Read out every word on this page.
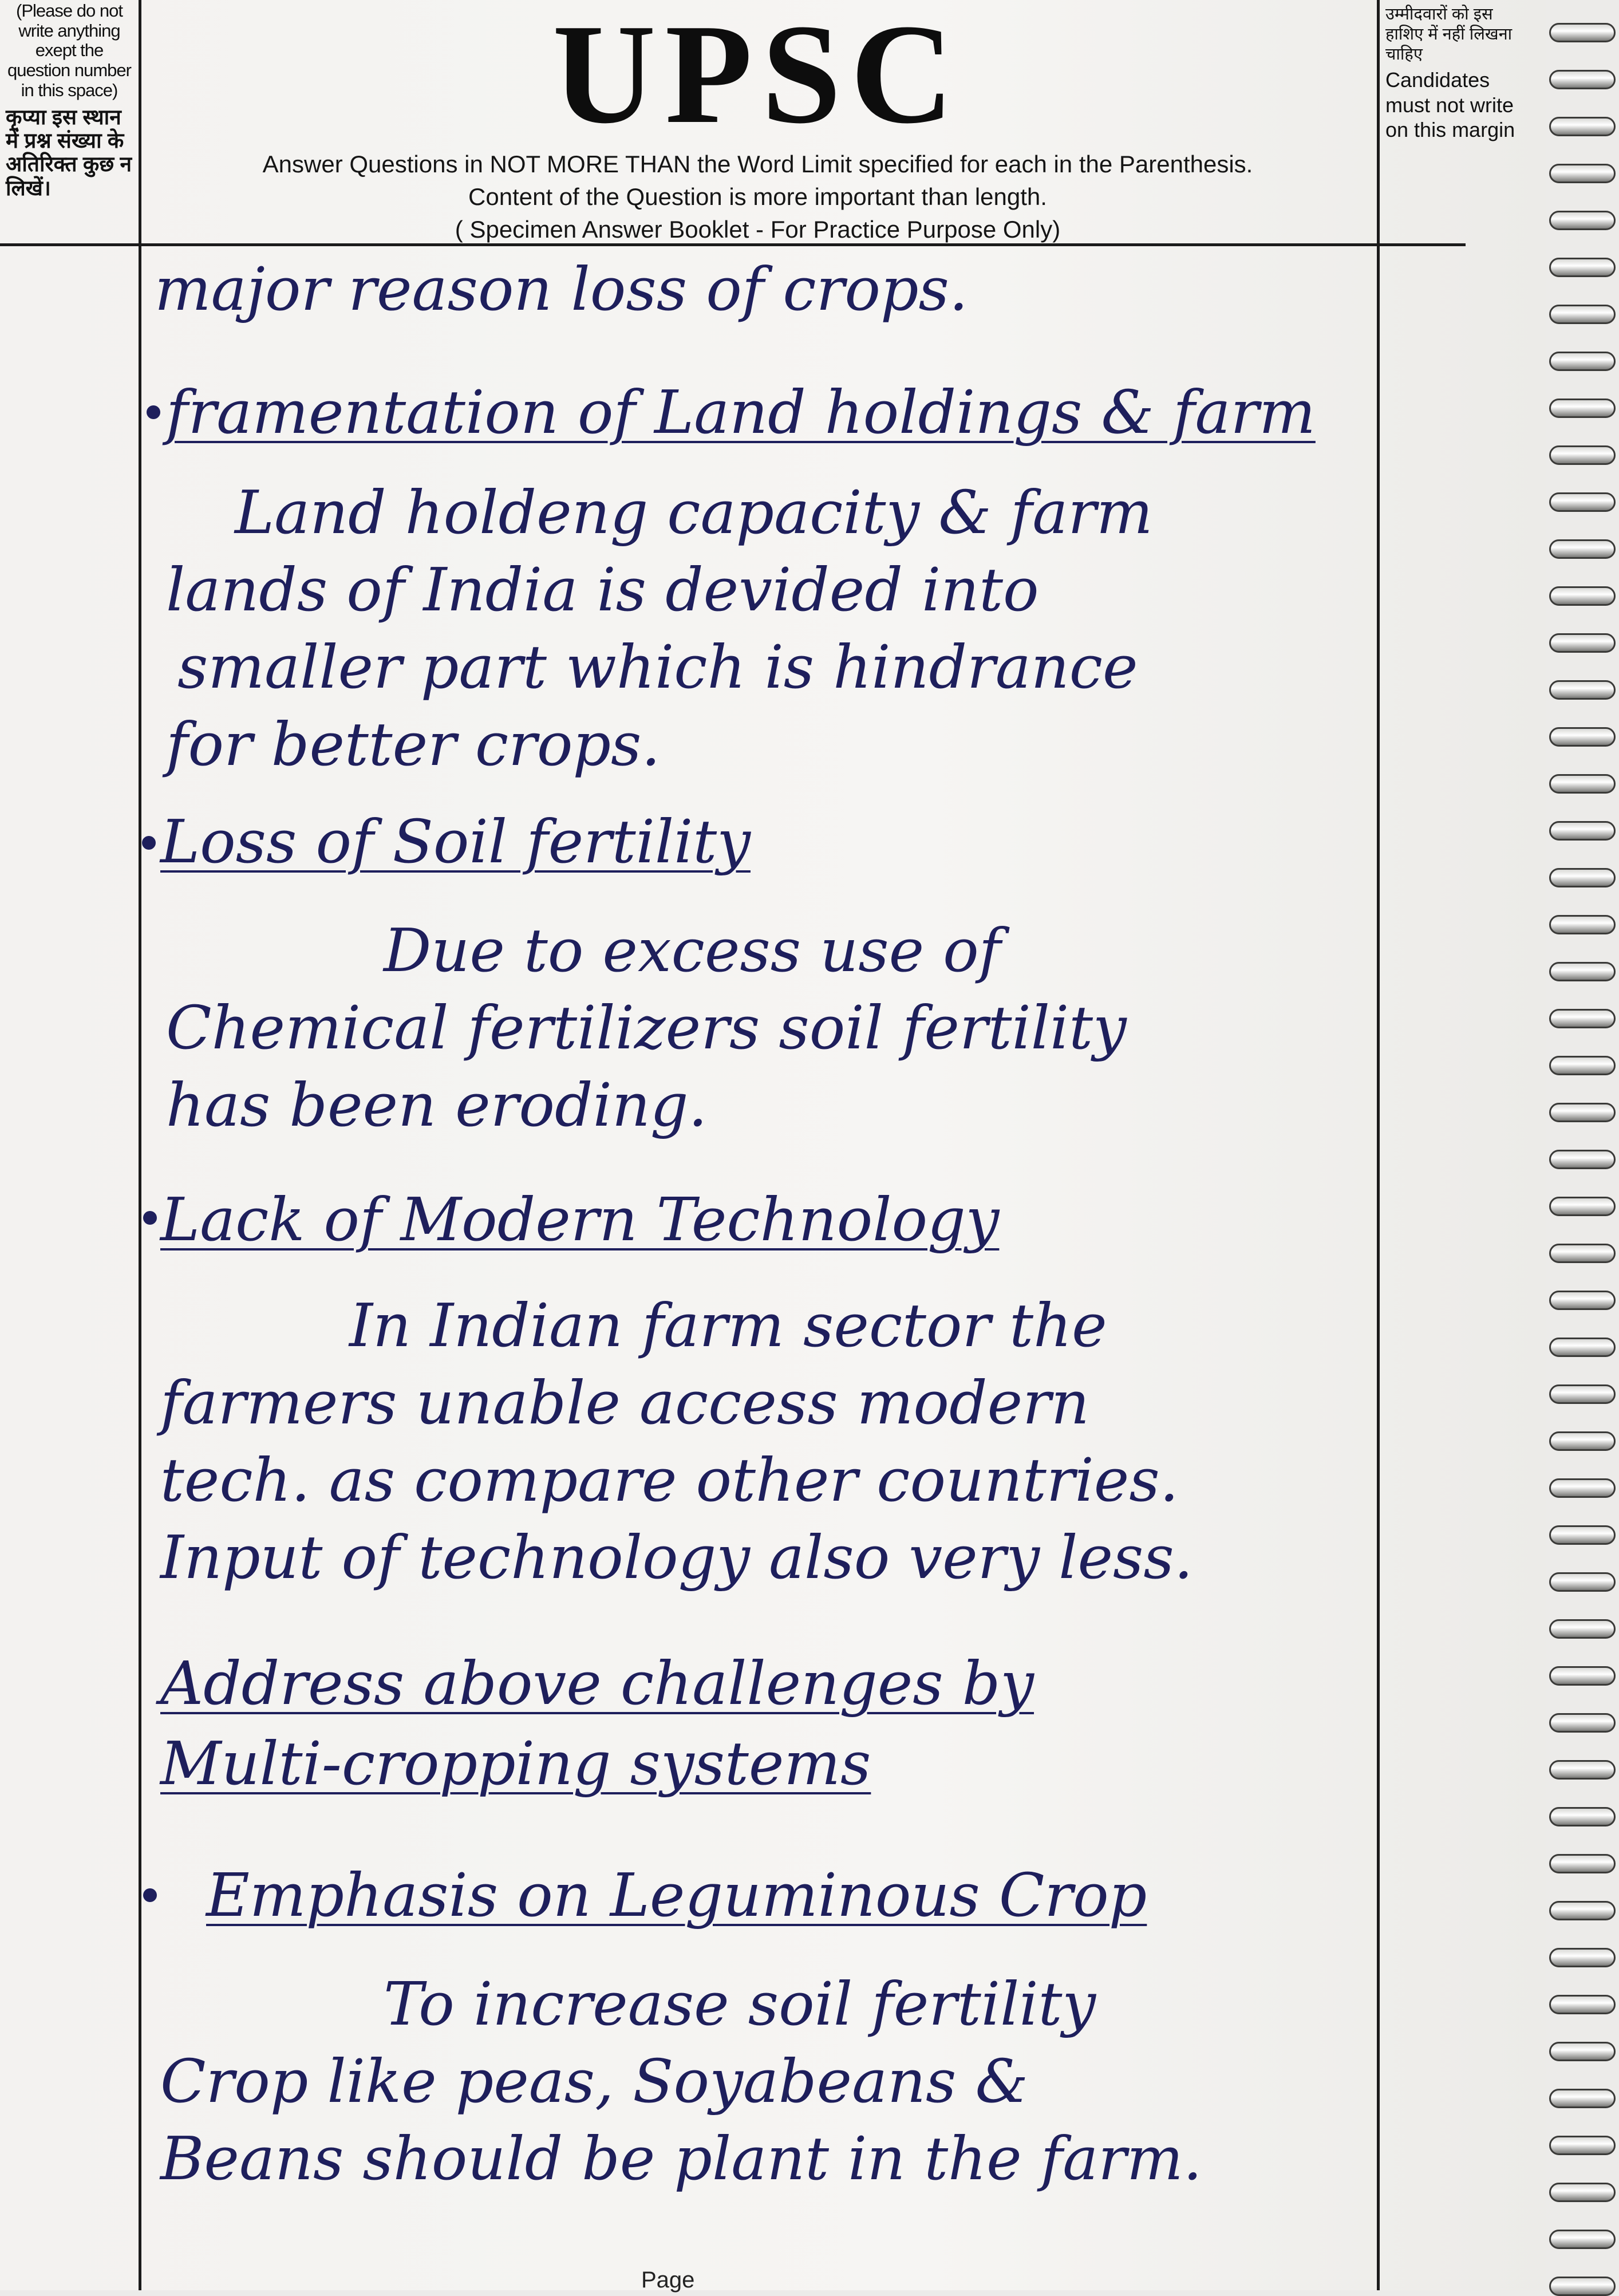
(Please do not write anything exept the question number in this space)
कृप्या इस स्थान में प्रश्न संख्या के अतिरिक्त कुछ न लिखें।
UPSC
Answer Questions in NOT MORE THAN the Word Limit specified for each in the Parenthesis.
Content of the Question is more important than length.
( Specimen Answer Booklet - For Practice Purpose Only)
उम्मीदवारों को इस हाशिए में नहीं लिखना चाहिए
Candidates must not write on this margin
major reason loss of crops.
framentation of Land holdings & farm
Land holdeng capacity & farm
lands of India is devided into
smaller part which is hindrance
for better crops.
Loss of Soil fertility
Due to excess use of
Chemical fertilizers soil fertility
has been eroding.
Lack of Modern Technology
In Indian farm sector the
farmers unable access modern
tech. as compare other countries.
Input of technology also very less.
Address above challenges by
Multi-cropping systems
Emphasis on Leguminous Crop
To increase soil fertility
Crop like peas, Soyabeans &
Beans should be plant in the farm.
Page
